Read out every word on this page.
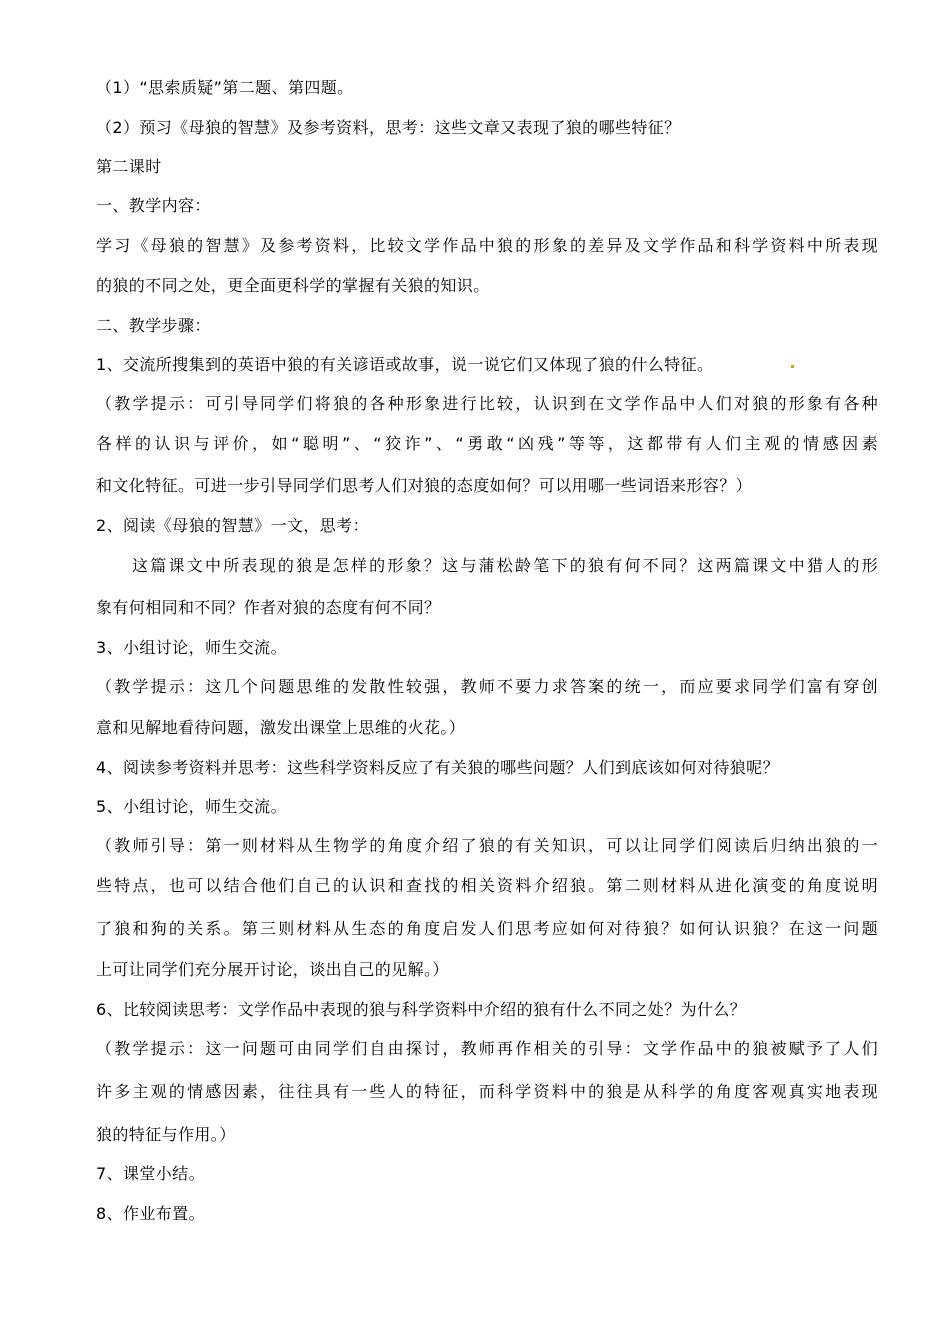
（1）“思索质疑”第二题、第四题。
（2）预习《母狼的智慧》及参考资料，思考：这些文章又表现了狼的哪些特征？
第二课时
一、教学内容：
学习《母狼的智慧》及参考资料，比较文学作品中狼的形象的差异及文学作品和科学资料中所表现
的狼的不同之处，更全面更科学的掌握有关狼的知识。
二、教学步骤：
1、交流所搜集到的英语中狼的有关谚语或故事，说一说它们又体现了狼的什么特征。
（教学提示：可引导同学们将狼的各种形象进行比较，认识到在文学作品中人们对狼的形象有各种
各样的认识与评价，如“聪明”、“狡诈”、“勇敢“凶残”等等，这都带有人们主观的情感因素
和文化特征。可进一步引导同学们思考人们对狼的态度如何？可以用哪一些词语来形容？）
2、阅读《母狼的智慧》一文，思考：
这篇课文中所表现的狼是怎样的形象？这与蒲松龄笔下的狼有何不同？这两篇课文中猎人的形
象有何相同和不同？作者对狼的态度有何不同？
3、小组讨论，师生交流。
（教学提示：这几个问题思维的发散性较强，教师不要力求答案的统一，而应要求同学们富有穿创
意和见解地看待问题，激发出课堂上思维的火花。）
4、阅读参考资料并思考：这些科学资料反应了有关狼的哪些问题？人们到底该如何对待狼呢？
5、小组讨论，师生交流。
（教师引导：第一则材料从生物学的角度介绍了狼的有关知识，可以让同学们阅读后归纳出狼的一
些特点，也可以结合他们自己的认识和查找的相关资料介绍狼。第二则材料从进化演变的角度说明
了狼和狗的关系。第三则材料从生态的角度启发人们思考应如何对待狼？如何认识狼？在这一问题
上可让同学们充分展开讨论，谈出自己的见解。）
6、比较阅读思考：文学作品中表现的狼与科学资料中介绍的狼有什么不同之处？为什么？
（教学提示：这一问题可由同学们自由探讨，教师再作相关的引导：文学作品中的狼被赋予了人们
许多主观的情感因素，往往具有一些人的特征，而科学资料中的狼是从科学的角度客观真实地表现
狼的特征与作用。）
7、课堂小结。
8、作业布置。
